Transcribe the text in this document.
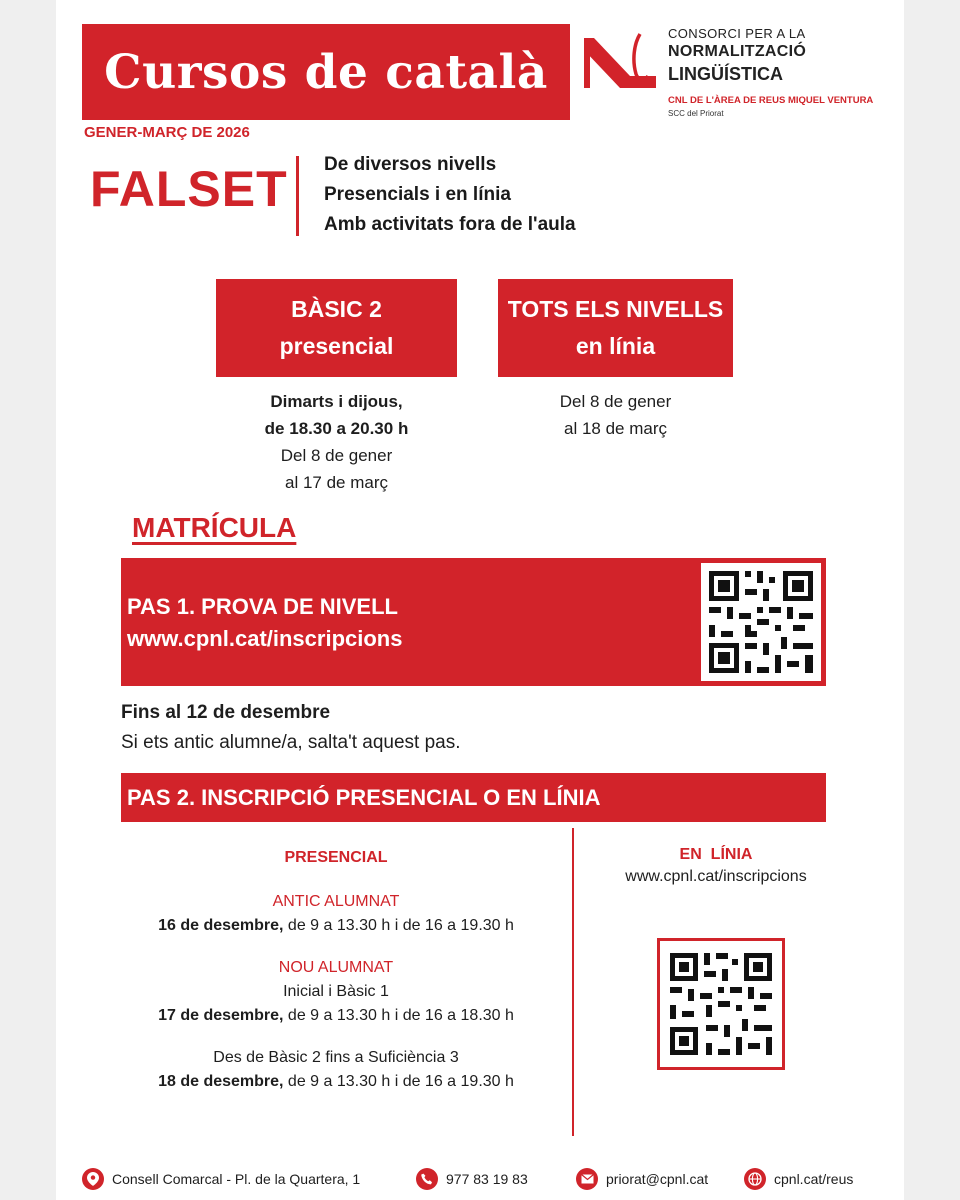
Cursos de català
CONSORCI PER A LA
NORMALITZACIÓ
LINGÜÍSTICA
CNL DE L'ÀREA DE REUS MIQUEL VENTURA
SCC del Priorat
GENER-MARÇ DE 2026
FALSET De diversos nivells
Presencials i en línia
Amb activitats fora de l'aula
BÀSIC 2
presencial
TOTS ELS NIVELLS
en línia
Dimarts i dijous,
de 18.30 a 20.30 h
Del 8 de gener
al 17 de març
Del 8 de gener
al 18 de març
MATRÍCULA
PAS 1. PROVA DE NIVELL
www.cpnl.cat/inscripcions
Fins al 12 de desembre
Si ets antic alumne/a, salta't aquest pas.
PAS 2. INSCRIPCIÓ PRESENCIAL O EN LÍNIA

PRESENCIAL

ANTIC ALUMNAT

16 de desembre, de 9 a 13.30 h i de 16 a 19.30 h

NOU ALUMNAT

Inicial i Bàsic 1

17 de desembre, de 9 a 13.30 h i de 16 a 18.30 h

Des de Bàsic 2 fins a Suficiència 3

18 de desembre, de 9 a 13.30 h i de 16 a 19.30 h

EN  LÍNIA
www.cpnl.cat/inscripcions
Consell Comarcal - Pl. de la Quartera, 1	977 83 19 83	priorat@cpnl.cat	cpnl.cat/reus
